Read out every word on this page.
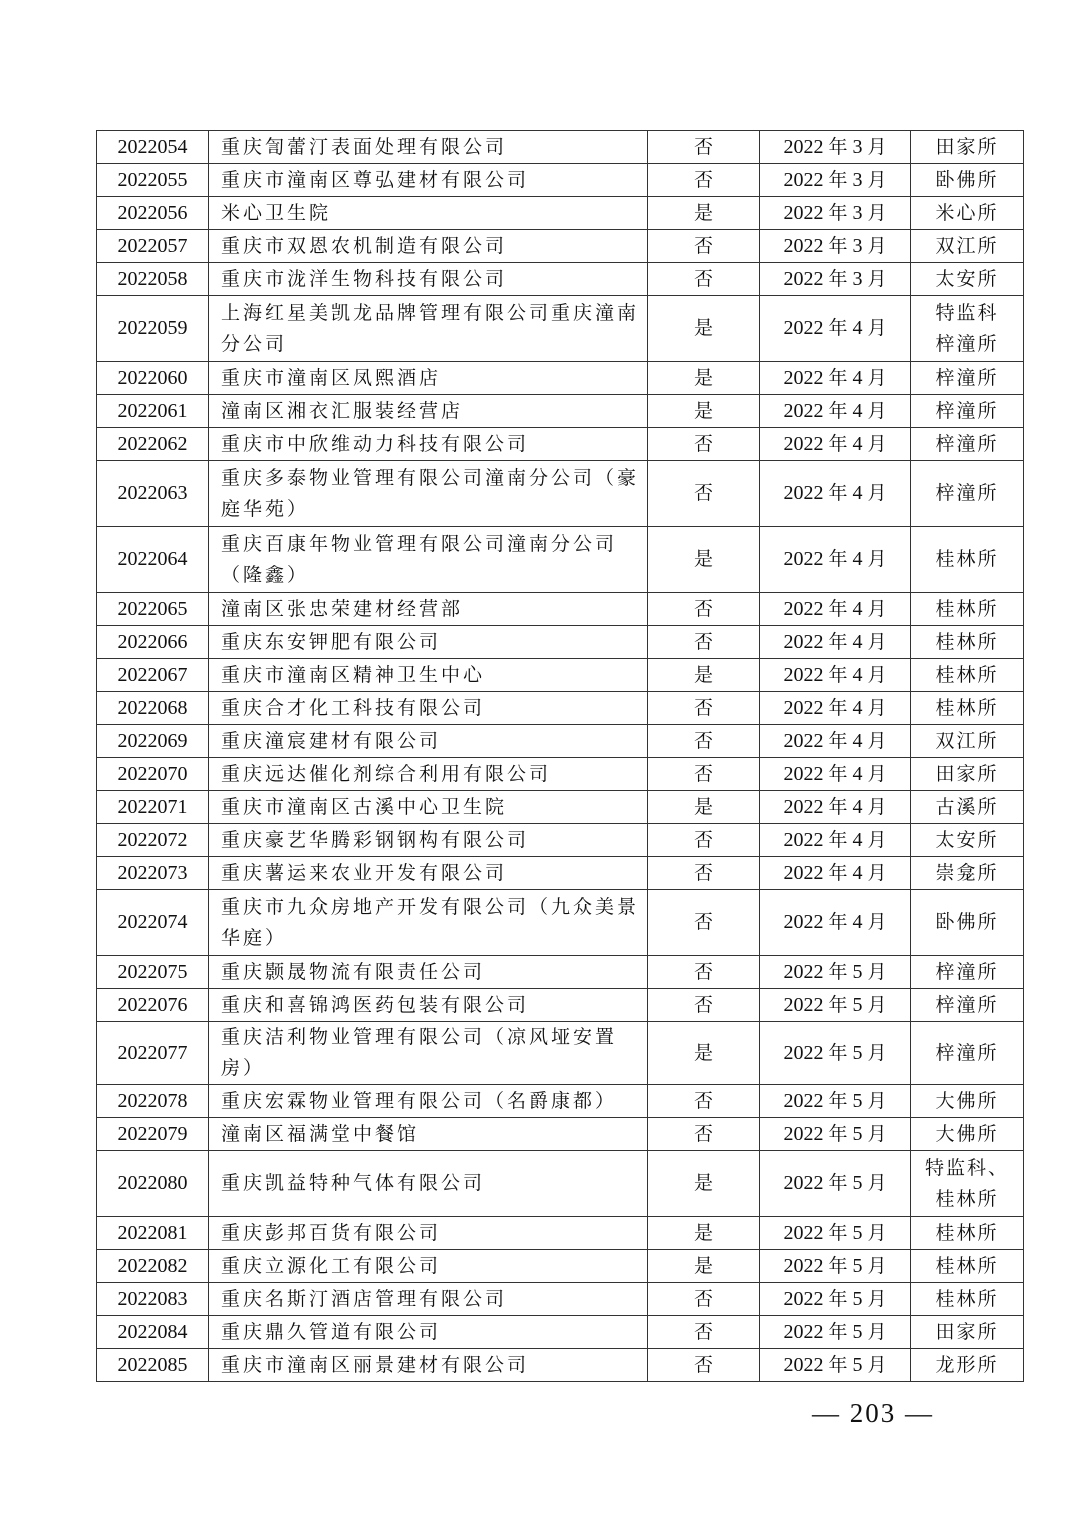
2022054	重庆訇蕾汀表面处理有限公司	否	2022 年 3 月	田家所
2022055	重庆市潼南区尊弘建材有限公司	否	2022 年 3 月	卧佛所
2022056	米心卫生院	是	2022 年 3 月	米心所
2022057	重庆市双恩农机制造有限公司	否	2022 年 3 月	双江所
2022058	重庆市泷洋生物科技有限公司	否	2022 年 3 月	太安所
2022059	上海红星美凯龙品牌管理有限公司重庆潼南分公司	是	2022 年 4 月	特监科
梓潼所
2022060	重庆市潼南区凤熙酒店	是	2022 年 4 月	梓潼所
2022061	潼南区湘衣汇服装经营店	是	2022 年 4 月	梓潼所
2022062	重庆市中欣维动力科技有限公司	否	2022 年 4 月	梓潼所
2022063	重庆多泰物业管理有限公司潼南分公司（豪庭华苑）	否	2022 年 4 月	梓潼所
2022064	重庆百康年物业管理有限公司潼南分公司（隆鑫）	是	2022 年 4 月	桂林所
2022065	潼南区张忠荣建材经营部	否	2022 年 4 月	桂林所
2022066	重庆东安钾肥有限公司	否	2022 年 4 月	桂林所
2022067	重庆市潼南区精神卫生中心	是	2022 年 4 月	桂林所
2022068	重庆合才化工科技有限公司	否	2022 年 4 月	桂林所
2022069	重庆潼宸建材有限公司	否	2022 年 4 月	双江所
2022070	重庆远达催化剂综合利用有限公司	否	2022 年 4 月	田家所
2022071	重庆市潼南区古溪中心卫生院	是	2022 年 4 月	古溪所
2022072	重庆豪艺华腾彩钢钢构有限公司	否	2022 年 4 月	太安所
2022073	重庆薯运来农业开发有限公司	否	2022 年 4 月	崇龛所
2022074	重庆市九众房地产开发有限公司（九众美景华庭）	否	2022 年 4 月	卧佛所
2022075	重庆颢晟物流有限责任公司	否	2022 年 5 月	梓潼所
2022076	重庆和喜锦鸿医药包装有限公司	否	2022 年 5 月	梓潼所
2022077	重庆洁利物业管理有限公司（凉风垭安置房）	是	2022 年 5 月	梓潼所
2022078	重庆宏霖物业管理有限公司（名爵康都）	否	2022 年 5 月	大佛所
2022079	潼南区福满堂中餐馆	否	2022 年 5 月	大佛所
2022080	重庆凯益特种气体有限公司	是	2022 年 5 月	特监科、
桂林所
2022081	重庆彭邦百货有限公司	是	2022 年 5 月	桂林所
2022082	重庆立源化工有限公司	是	2022 年 5 月	桂林所
2022083	重庆名斯汀酒店管理有限公司	否	2022 年 5 月	桂林所
2022084	重庆鼎久管道有限公司	否	2022 年 5 月	田家所
2022085	重庆市潼南区丽景建材有限公司	否	2022 年 5 月	龙形所
— 203 —
